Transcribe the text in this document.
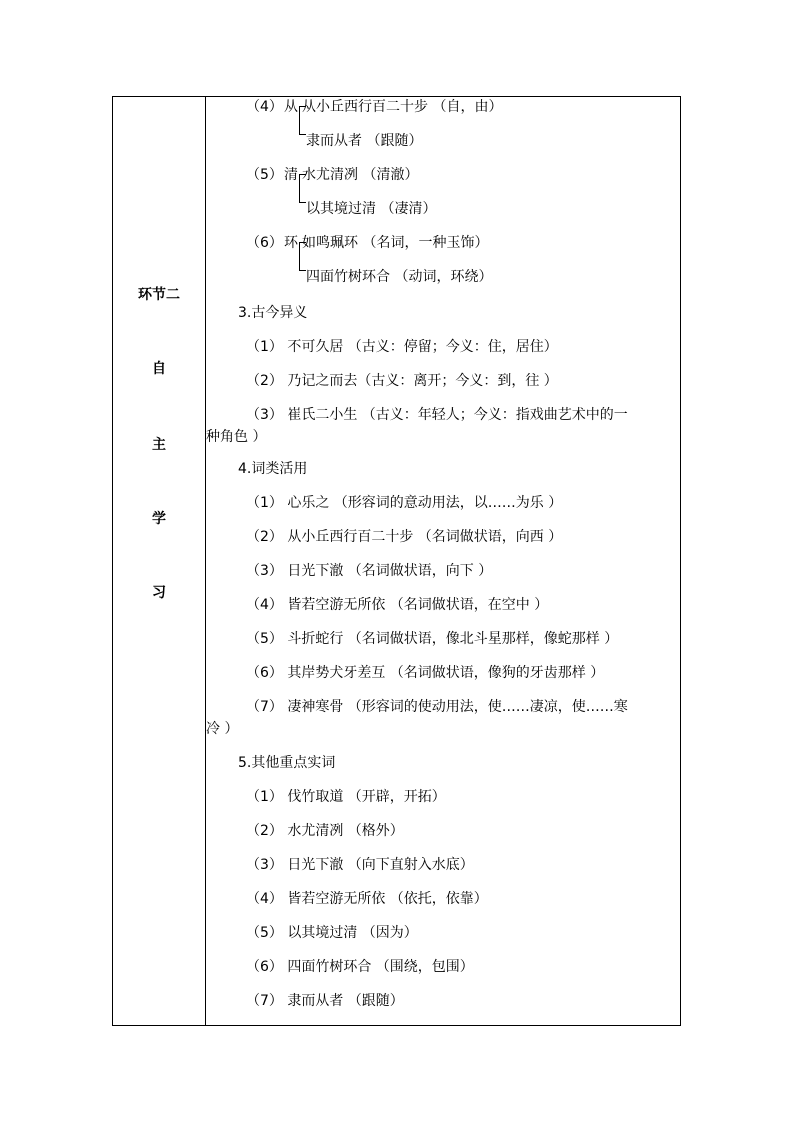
环节二
自
主
学
习
（4）从 从小丘西行百二十步 （自，由）
隶而从者 （跟随）
（5）清 水尤清冽 （清澈）
以其境过清 （凄清）
（6）环 如鸣珮环 （名词，一种玉饰）
四面竹树环合 （动词，环绕）
3.古今异义
（1） 不可久居 （古义：停留；今义：住，居住）
（2） 乃记之而去（古义：离开；今义：到，往 ）
（3） 崔氏二小生 （古义：年轻人；今义：指戏曲艺术中的一
种角色 ）
4.词类活用
（1） 心乐之 （形容词的意动用法，以……为乐 ）
（2） 从小丘西行百二十步 （名词做状语，向西 ）
（3） 日光下澈 （名词做状语，向下 ）
（4） 皆若空游无所依 （名词做状语，在空中 ）
（5） 斗折蛇行 （名词做状语，像北斗星那样，像蛇那样 ）
（6） 其岸势犬牙差互 （名词做状语，像狗的牙齿那样 ）
（7） 凄神寒骨 （形容词的使动用法，使……凄凉，使……寒
冷 ）
5.其他重点实词
（1） 伐竹取道 （开辟，开拓）
（2） 水尤清冽 （格外）
（3） 日光下澈 （向下直射入水底）
（4） 皆若空游无所依 （依托，依靠）
（5） 以其境过清 （因为）
（6） 四面竹树环合 （围绕，包围）
（7） 隶而从者 （跟随）
